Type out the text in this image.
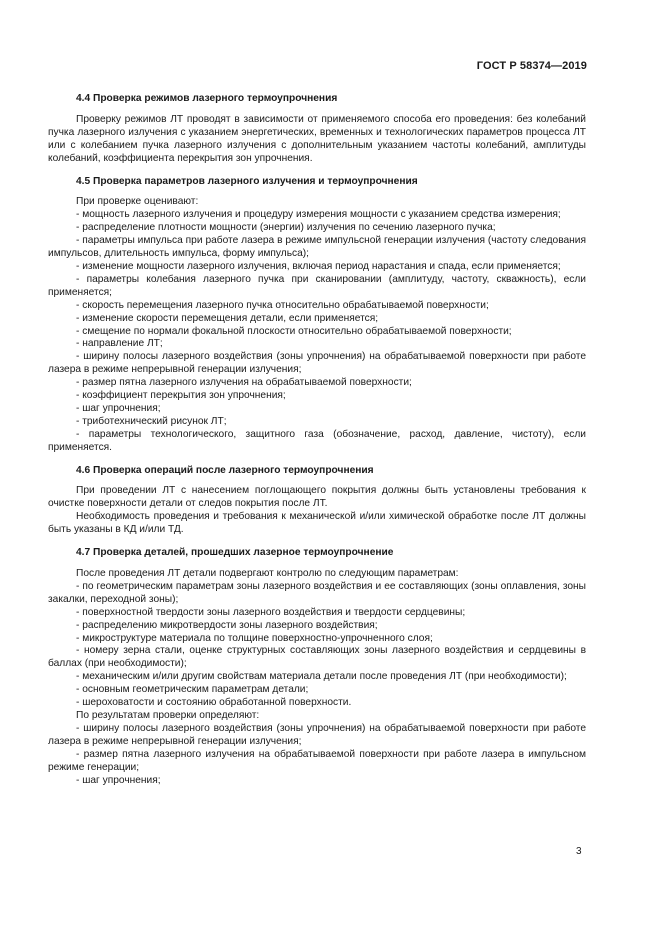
ГОСТ Р 58374—2019
4.4 Проверка режимов лазерного термоупрочнения

Проверку режимов ЛТ проводят в зависимости от применяемого способа его проведения: без колебаний пучка лазерного излучения с указанием энергетических, временных и технологических параметров процесса ЛТ или с колебанием пучка лазерного излучения с дополнительным указанием частоты колебаний, амплитуды колебаний, коэффициента перекрытия зон упрочнения.

4.5 Проверка параметров лазерного излучения и термоупрочнения

При проверке оценивают:

- мощность лазерного излучения и процедуру измерения мощности с указанием средства измерения;

- распределение плотности мощности (энергии) излучения по сечению лазерного пучка;

- параметры импульса при работе лазера в режиме импульсной генерации излучения (частоту следования импульсов, длительность импульса, форму импульса);

- изменение мощности лазерного излучения, включая период нарастания и спада, если применяется;

- параметры колебания лазерного пучка при сканировании (амплитуду, частоту, скважность), если применяется;

- скорость перемещения лазерного пучка относительно обрабатываемой поверхности;

- изменение скорости перемещения детали, если применяется;

- смещение по нормали фокальной плоскости относительно обрабатываемой поверхности;

- направление ЛТ;

- ширину полосы лазерного воздействия (зоны упрочнения) на обрабатываемой поверхности при работе лазера в режиме непрерывной генерации излучения;

- размер пятна лазерного излучения на обрабатываемой поверхности;

- коэффициент перекрытия зон упрочнения;

- шаг упрочнения;

- триботехнический рисунок ЛТ;

- параметры технологического, защитного газа (обозначение, расход, давление, чистоту), если применяется.

4.6 Проверка операций после лазерного термоупрочнения

При проведении ЛТ с нанесением поглощающего покрытия должны быть установлены требования к очистке поверхности детали от следов покрытия после ЛТ.

Необходимость проведения и требования к механической и/или химической обработке после ЛТ должны быть указаны в КД и/или ТД.

4.7 Проверка деталей, прошедших лазерное термоупрочнение

После проведения ЛТ детали подвергают контролю по следующим параметрам:

- по геометрическим параметрам зоны лазерного воздействия и ее составляющих (зоны оплавления, зоны закалки, переходной зоны);

- поверхностной твердости зоны лазерного воздействия и твердости сердцевины;

- распределению микротвердости зоны лазерного воздействия;

- микроструктуре материала по толщине поверхностно-упрочненного слоя;

- номеру зерна стали, оценке структурных составляющих зоны лазерного воздействия и сердцевины в баллах (при необходимости);

- механическим и/или другим свойствам материала детали после проведения ЛТ (при необходимости);

- основным геометрическим параметрам детали;

- шероховатости и состоянию обработанной поверхности.

По результатам проверки определяют:

- ширину полосы лазерного воздействия (зоны упрочнения) на обрабатываемой поверхности при работе лазера в режиме непрерывной генерации излучения;

- размер пятна лазерного излучения на обрабатываемой поверхности при работе лазера в импульсном режиме генерации;

- шаг упрочнения;

3
